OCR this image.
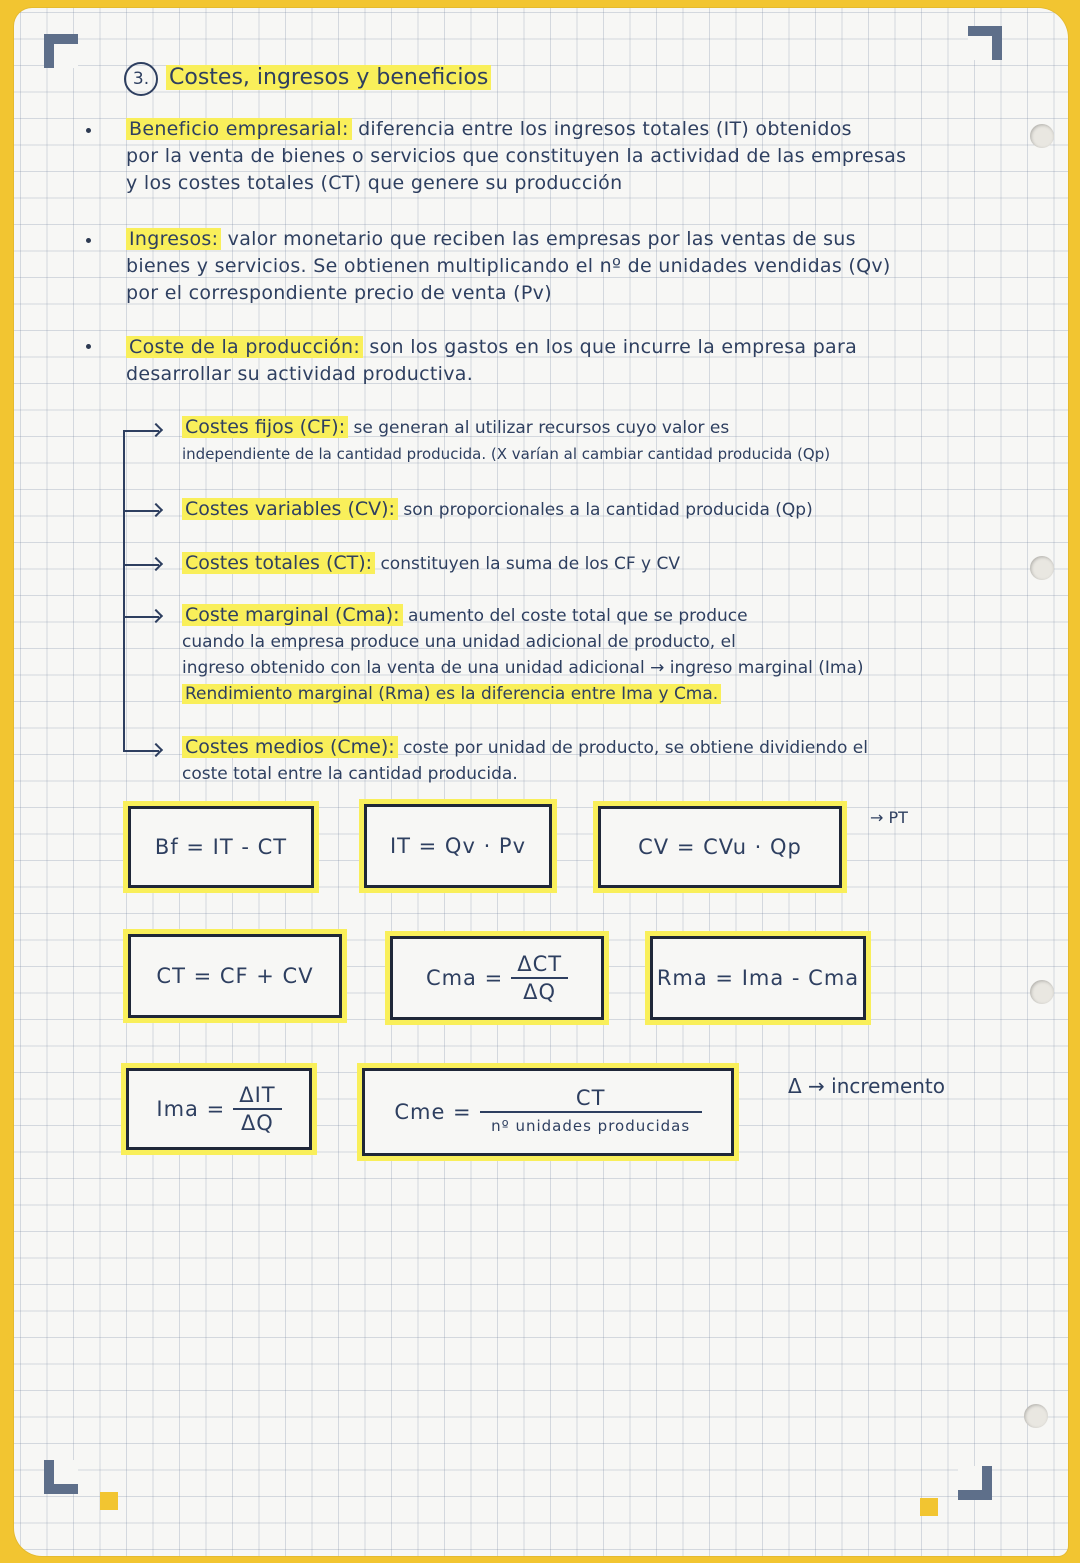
3. Costes, ingresos y beneficios
Beneficio empresarial: diferencia entre los ingresos totales (IT) obtenidos
por la venta de bienes o servicios que constituyen la actividad de las empresas
y los costes totales (CT) que genere su producción
Ingresos: valor monetario que reciben las empresas por las ventas de sus
bienes y servicios. Se obtienen multiplicando el nº de unidades vendidas (Qv)
por el correspondiente precio de venta (Pv)
Coste de la producción: son los gastos en los que incurre la empresa para
desarrollar su actividad productiva.
Costes fijos (CF): se generan al utilizar recursos cuyo valor es
independiente de la cantidad producida. (X varían al cambiar cantidad producida (Qp)
Costes variables (CV): son proporcionales a la cantidad producida (Qp)
Costes totales (CT): constituyen la suma de los CF y CV
Coste marginal (Cma): aumento del coste total que se produce
cuando la empresa produce una unidad adicional de producto, el
ingreso obtenido con la venta de una unidad adicional → ingreso marginal (Ima)
Rendimiento marginal (Rma) es la diferencia entre Ima y Cma.
Costes medios (Cme): coste por unidad de producto, se obtiene dividiendo el
coste total entre la cantidad producida.
Bf = IT - CT	IT = Qv · Pv	CV = CVu · Qp
→ PT
CT = CF + CV	Cma = $\frac{\text{ΔCT}}{\Delta Q}$	Rma = Ima - Cma
Ima = $\frac{\text{ΔIT}}{\Delta Q}$	Cme = $\frac{CT}{\text{nº unidades producidas}}$	Δ → incremento
